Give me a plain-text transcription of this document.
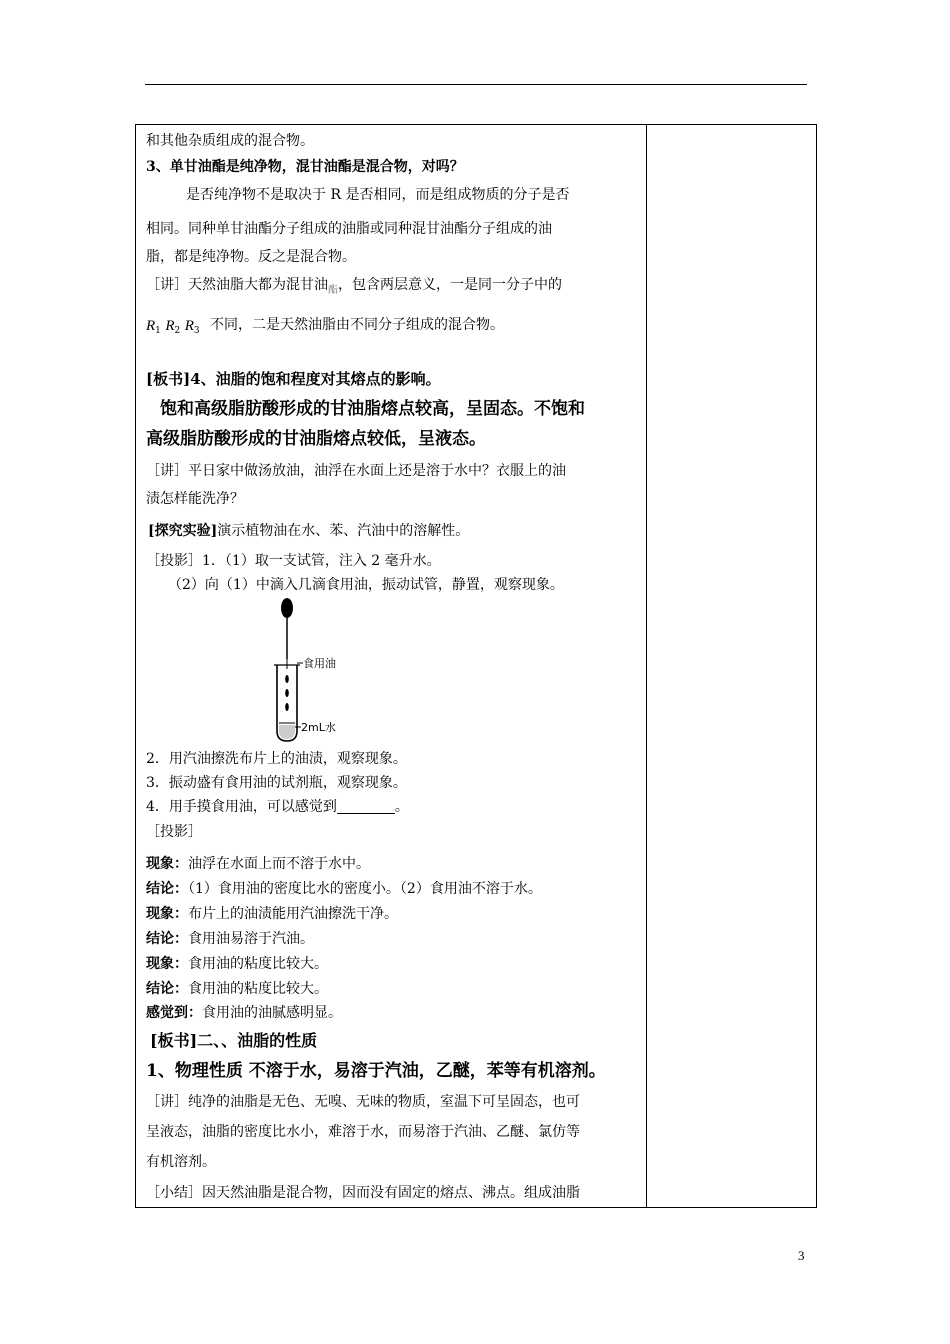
和其他杂质组成的混合物。
3、单甘油酯是纯净物，混甘油酯是混合物，对吗？
是否纯净物不是取决于 R 是否相同，而是组成物质的分子是否
相同。同种单甘油酯分子组成的油脂或同种混甘油酯分子组成的油
脂，都是纯净物。反之是混合物。
［讲］天然油脂大都为混甘油$_酯$，包含两层意义，一是同一分子中的
$R_1$ $R_2$ $R_3$ 不同，二是天然油脂由不同分子组成的混合物。
[板书]4、油脂的饱和程度对其熔点的影响。
饱和高级脂肪酸形成的甘油脂熔点较高，呈固态。不饱和
高级脂肪酸形成的甘油脂熔点较低，呈液态。
［讲］平日家中做汤放油，油浮在水面上还是溶于水中？衣服上的油
渍怎样能洗净？
[探究实验]演示植物油在水、苯、汽油中的溶解性。
［投影］1．（1）取一支试管，注入 2 毫升水。
（2）向（1）中滴入几滴食用油，振动试管，静置，观察现象。
2．用汽油擦洗布片上的油渍，观察现象。
3．振动盛有食用油的试剂瓶，观察现象。
4．用手摸食用油，可以感觉到	。
［投影］
现象：油浮在水面上而不溶于水中。
结论：（1）食用油的密度比水的密度小。（2）食用油不溶于水。
现象：布片上的油渍能用汽油擦洗干净。
结论：食用油易溶于汽油。
现象：食用油的粘度比较大。
结论：食用油的粘度比较大。
感觉到：食用油的油腻感明显。
[板书]二、、油脂的性质
1、物理性质 不溶于水，易溶于汽油，乙醚，苯等有机溶剂。
［讲］纯净的油脂是无色、无嗅、无味的物质，室温下可呈固态，也可
呈液态，油脂的密度比水小，难溶于水，而易溶于汽油、乙醚、氯仿等
有机溶剂。
［小结］因天然油脂是混合物，因而没有固定的熔点、沸点。组成油脂
食用油
2mL水
3
